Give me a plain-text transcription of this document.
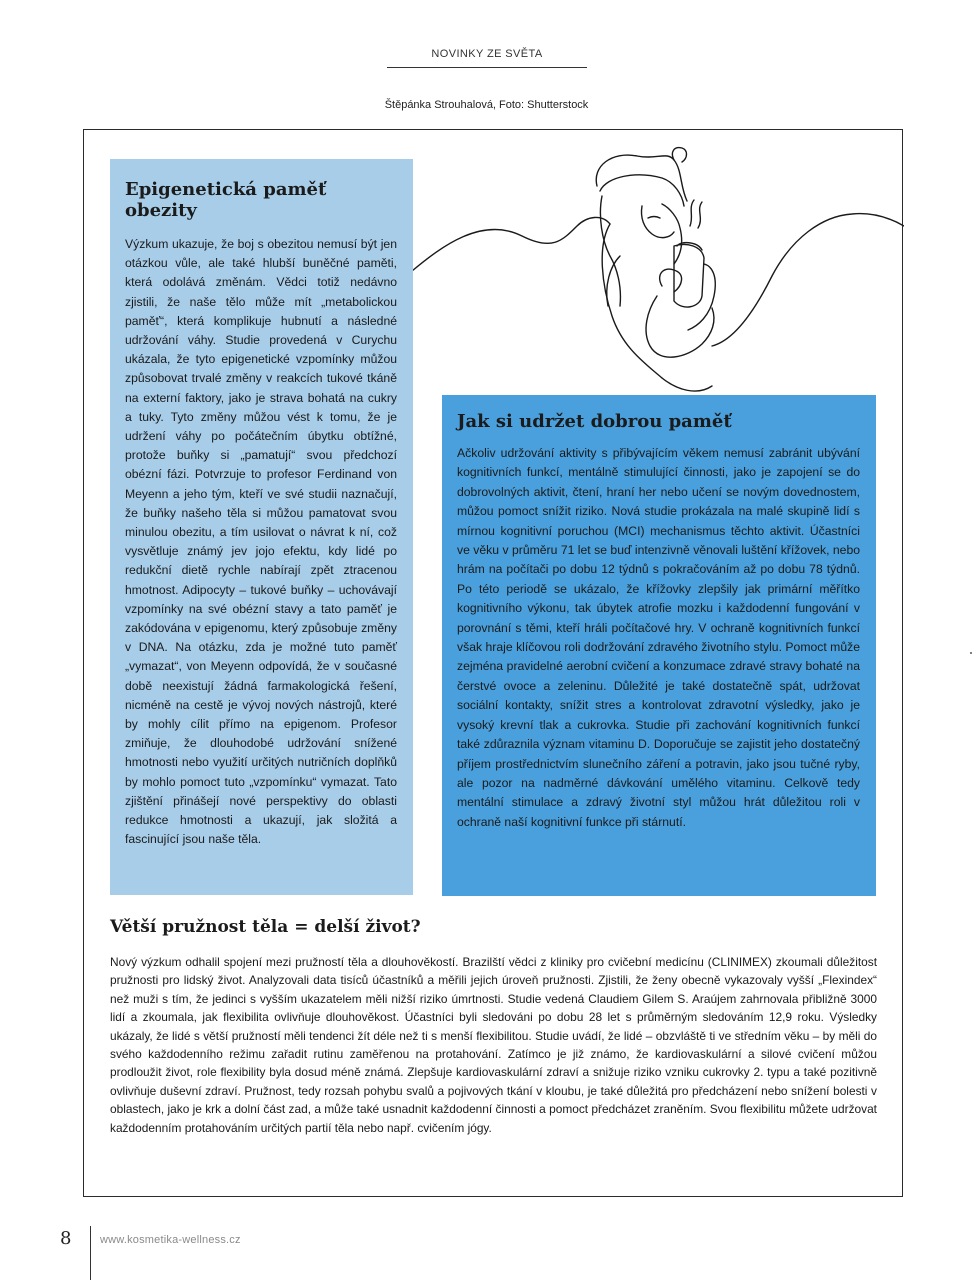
NOVINKY ZE SVĚTA
Štěpánka Strouhalová, Foto: Shutterstock
Epigenetická paměť obezity
Výzkum ukazuje, že boj s obezitou nemusí být jen otázkou vůle, ale také hlubší buněčné paměti, která odolává změnám. Vědci totiž nedávno zjistili, že naše tělo může mít „metabolickou paměť“, která komplikuje hubnutí a následné udržování váhy. Studie provedená v Curychu ukázala, že tyto epigenetické vzpomínky můžou způsobovat trvalé změny v reakcích tukové tkáně na externí faktory, jako je strava bohatá na cukry a tuky. Tyto změny můžou vést k tomu, že je udržení váhy po počátečním úbytku obtížné, protože buňky si „pamatují“ svou předchozí obézní fázi. Potvrzuje to profesor Ferdinand von Meyenn a jeho tým, kteří ve své studii naznačují, že buňky našeho těla si můžou pamatovat svou minulou obezitu, a tím usilovat o návrat k ní, což vysvětluje známý jev jojo efektu, kdy lidé po redukční dietě rychle nabírají zpět ztracenou hmotnost. Adipocyty – tukové buňky – uchovávají vzpomínky na své obézní stavy a tato paměť je zakódována v epigenomu, který způsobuje změny v DNA. Na otázku, zda je možné tuto paměť „vymazat“, von Meyenn odpovídá, že v současné době neexistují žádná farmakologická řešení, nicméně na cestě je vývoj nových nástrojů, které by mohly cílit přímo na epigenom. Profesor zmiňuje, že dlouhodobé udržování snížené hmotnosti nebo využití určitých nutričních doplňků by mohlo pomoct tuto „vzpomínku“ vymazat. Tato zjištění přinášejí nové perspektivy do oblasti redukce hmotnosti a ukazují, jak složitá a fascinující jsou naše těla.
Jak si udržet dobrou paměť
Ačkoliv udržování aktivity s přibývajícím věkem nemusí zabránit ubývání kognitivních funkcí, mentálně stimulující činnosti, jako je zapojení se do dobrovolných aktivit, čtení, hraní her nebo učení se novým dovednostem, můžou pomoct snížit riziko. Nová studie prokázala na malé skupině lidí s mírnou kognitivní poruchou (MCI) mechanismus těchto aktivit. Účastníci ve věku v průměru 71 let se buď intenzivně věnovali luštění křížovek, nebo hrám na počítači po dobu 12 týdnů s pokračováním až po dobu 78 týdnů. Po této periodě se ukázalo, že křížovky zlepšily jak primární měřítko kognitivního výkonu, tak úbytek atrofie mozku i každodenní fungování v porovnání s těmi, kteří hráli počítačové hry. V ochraně kognitivních funkcí však hraje klíčovou roli dodržování zdravého životního stylu. Pomoct může zejména pravidelné aerobní cvičení a konzumace zdravé stravy bohaté na čerstvé ovoce a zeleninu. Důležité je také dostatečně spát, udržovat sociální kontakty, snížit stres a kontrolovat zdravotní výsledky, jako je vysoký krevní tlak a cukrovka. Studie při zachování kognitivních funkcí také zdůraznila význam vitaminu D. Doporučuje se zajistit jeho dostatečný příjem prostřednictvím slunečního záření a potravin, jako jsou tučné ryby, ale pozor na nadměrné dávkování umělého vitaminu. Celkově tedy mentální stimulace a zdravý životní styl můžou hrát důležitou roli v ochraně naší kognitivní funkce při stárnutí.
Větší pružnost těla = delší život?
Nový výzkum odhalil spojení mezi pružností těla a dlouhověkostí. Brazilští vědci z kliniky pro cvičební medicínu (CLINIMEX) zkoumali důležitost pružnosti pro lidský život. Analyzovali data tisíců účastníků a měřili jejich úroveň pružnosti. Zjistili, že ženy obecně vykazovaly vyšší „Flexindex“ než muži s tím, že jedinci s vyšším ukazatelem měli nižší riziko úmrtnosti. Studie vedená Claudiem Gilem S. Araújem zahrnovala přibližně 3000 lidí a zkoumala, jak flexibilita ovlivňuje dlouhověkost. Účastníci byli sledováni po dobu 28 let s průměrným sledováním 12,9 roku. Výsledky ukázaly, že lidé s větší pružností měli tendenci žít déle než ti s menší flexibilitou. Studie uvádí, že lidé – obzvláště ti ve středním věku – by měli do svého každodenního režimu zařadit rutinu zaměřenou na protahování. Zatímco je již známo, že kardiovaskulární a silové cvičení můžou prodloužit život, role flexibility byla dosud méně známá. Zlepšuje kardiovaskulární zdraví a snižuje riziko vzniku cukrovky 2. typu a také pozitivně ovlivňuje duševní zdraví. Pružnost, tedy rozsah pohybu svalů a pojivových tkání v kloubu, je také důležitá pro předcházení nebo snížení bolesti v oblastech, jako je krk a dolní část zad, a může také usnadnit každodenní činnosti a pomoct předcházet zraněním. Svou flexibilitu můžete udržovat každodenním protahováním určitých partií těla nebo např. cvičením jógy.
8	www.kosmetika-wellness.cz
